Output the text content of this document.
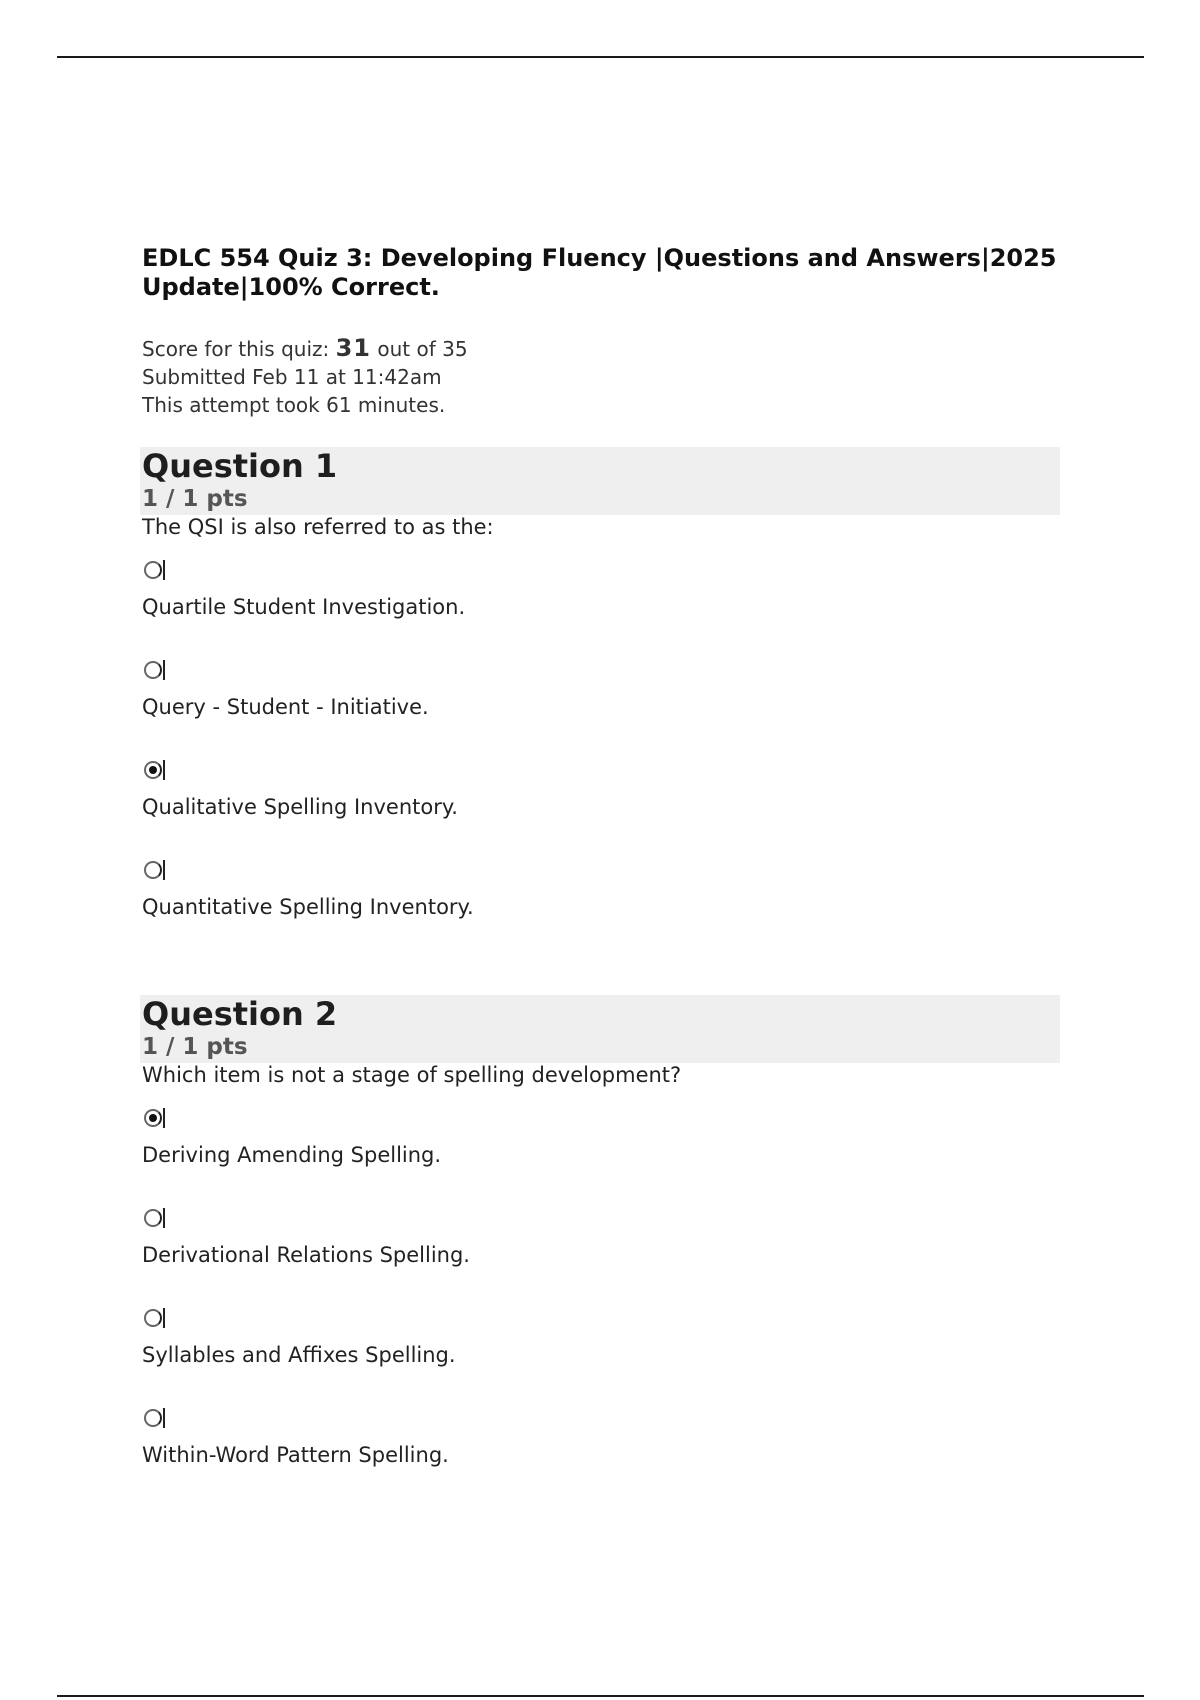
EDLC 554 Quiz 3: Developing Fluency |Questions and Answers|2025 Update|100% Correct.
Score for this quiz: 31 out of 35
Submitted Feb 11 at 11:42am
This attempt took 61 minutes.
Question 1
1 / 1 pts
The QSI is also referred to as the:
Quartile Student Investigation.
Query - Student - Initiative.
Qualitative Spelling Inventory.
Quantitative Spelling Inventory.
Question 2
1 / 1 pts
Which item is not a stage of spelling development?
Deriving Amending Spelling.
Derivational Relations Spelling.
Syllables and Affixes Spelling.
Within-Word Pattern Spelling.
